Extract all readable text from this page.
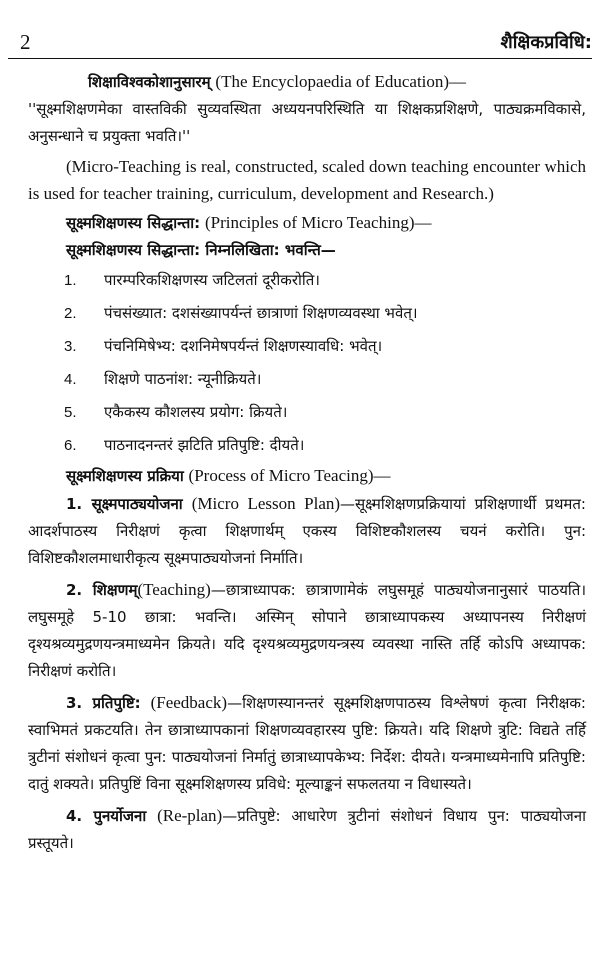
2	शैक्षिकप्रविधि:

शिक्षाविश्वकोशानुसारम् (The Encyclopaedia of Education)—

''सूक्ष्मशिक्षणमेका वास्तविकी सुव्यवस्थिता अध्ययनपरिस्थिति या शिक्षकप्रशिक्षणे, पाठ्यक्रमविकासे, अनुसन्धाने च प्रयुक्ता भवति।''

(Micro-Teaching is real, constructed, scaled down teaching encounter which is used for teacher training, curriculum, development and Research.)

सूक्ष्मशिक्षणस्य सिद्धान्ता: (Principles of Micro Teaching)—

सूक्ष्मशिक्षणस्य सिद्धान्ता: निम्नलिखिता: भवन्ति—

1.	पारम्परिकशिक्षणस्य जटिलतां दूरीकरोति।
2.	पंचसंख्यात: दशसंख्यापर्यन्तं छात्राणां शिक्षणव्यवस्था भवेत्।
3.	पंचनिमिषेभ्य: दशनिमेषपर्यन्तं शिक्षणस्यावधि: भवेत्।
4.	शिक्षणे पाठनांश: न्यूनीक्रियते।
5.	एकैकस्य कौशलस्य प्रयोग: क्रियते।
6.	पाठनादनन्तरं झटिति प्रतिपुष्टि: दीयते।

सूक्ष्मशिक्षणस्य प्रक्रिया (Process of Micro Teacing)—

1. सूक्ष्मपाठ्ययोजना (Micro Lesson Plan)—सूक्ष्मशिक्षणप्रक्रियायां प्रशिक्षणार्थी प्रथमत: आदर्शपाठस्य निरीक्षणं कृत्वा शिक्षणार्थम् एकस्य विशिष्टकौशलस्य चयनं करोति। पुन: विशिष्टकौशलमाधारीकृत्य सूक्ष्मपाठ्ययोजनां निर्माति।

2. शिक्षणम्(Teaching)—छात्राध्यापक: छात्राणामेकं लघुसमूहं पाठ्ययोजनानुसारं पाठयति। लघुसमूहे 5-10 छात्रा: भवन्ति। अस्मिन् सोपाने छात्राध्यापकस्य अध्यापनस्य निरीक्षणं दृश्यश्रव्यमुद्रणयन्त्रमाध्यमेन क्रियते। यदि दृश्यश्रव्यमुद्रणयन्त्रस्य व्यवस्था नास्ति तर्हि कोऽपि अध्यापक: निरीक्षणं करोति।

3. प्रतिपुष्टि: (Feedback)—शिक्षणस्यानन्तरं सूक्ष्मशिक्षणपाठस्य विश्लेषणं कृत्वा निरीक्षक: स्वाभिमतं प्रकटयति। तेन छात्राध्यापकानां शिक्षणव्यवहारस्य पुष्टि: क्रियते। यदि शिक्षणे त्रुटि: विद्यते तर्हि त्रुटीनां संशोधनं कृत्वा पुन: पाठ्ययोजनां निर्मातुं छात्राध्यापकेभ्य: निर्देश: दीयते। यन्त्रमाध्यमेनापि प्रतिपुष्टि: दातुं शक्यते। प्रतिपुष्टिं विना सूक्ष्मशिक्षणस्य प्रविधे: मूल्याङ्कनं सफलतया न विधास्यते।

4. पुनर्योजना (Re-plan)—प्रतिपुष्टे: आधारेण त्रुटीनां संशोधनं विधाय पुन: पाठ्ययोजना प्रस्तूयते।
